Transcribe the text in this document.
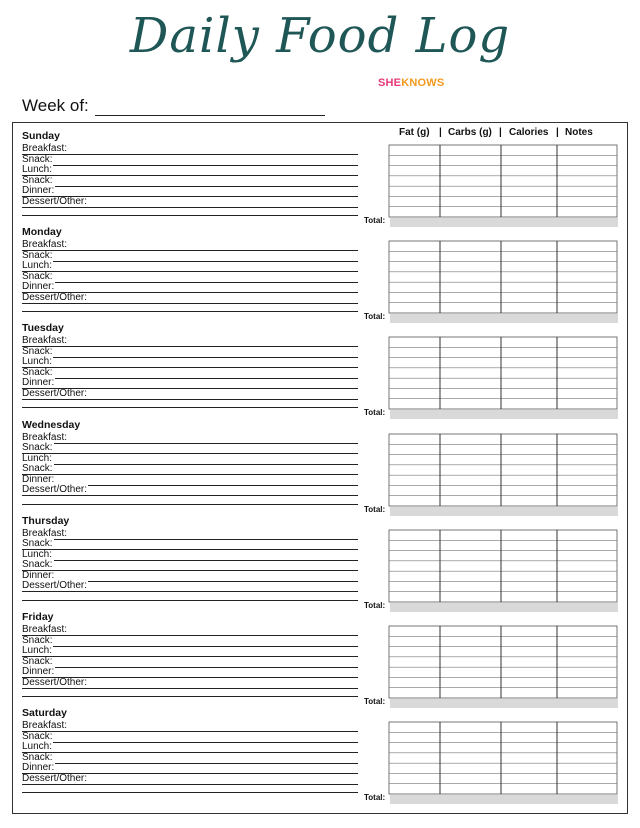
Daily Food Log
SHEKNOWS
Week of:
Fat (g) | Carbs (g) | Calories | Notes
Sunday
Breakfast:
Snack:
Lunch:
Snack:
Dinner:
Dessert/Other:
Total:
Monday
Breakfast:
Snack:
Lunch:
Snack:
Dinner:
Dessert/Other:
Total:
Tuesday
Breakfast:
Snack:
Lunch:
Snack:
Dinner:
Dessert/Other:
Total:
Wednesday
Breakfast:
Snack:
Lunch:
Snack:
Dinner:
Dessert/Other:
Total:
Thursday
Breakfast:
Snack:
Lunch:
Snack:
Dinner:
Dessert/Other:
Total:
Friday
Breakfast:
Snack:
Lunch:
Snack:
Dinner:
Dessert/Other:
Total:
Saturday
Breakfast:
Snack:
Lunch:
Snack:
Dinner:
Dessert/Other:
Total:
